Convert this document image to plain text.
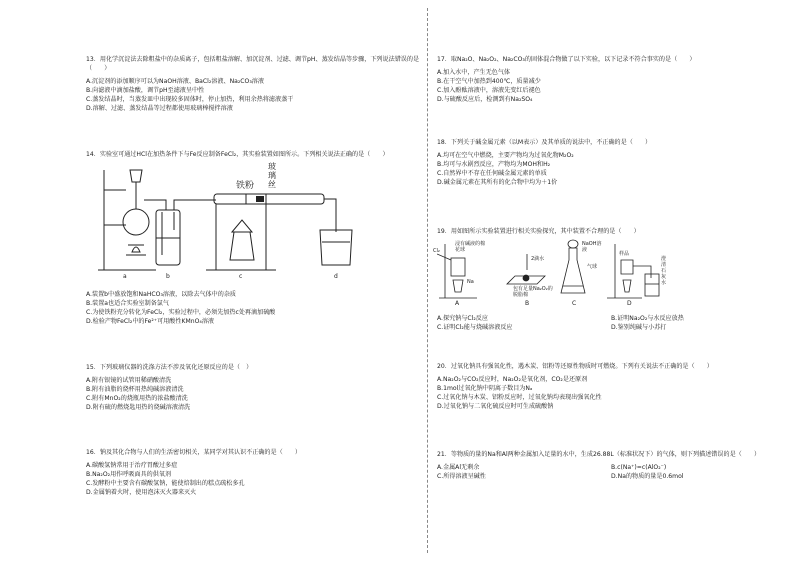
13．用化学沉淀法去除粗盐中的杂质离子，包括粗盐溶解、加沉淀剂、过滤、调节pH、蒸发结晶等步骤，下列说法错误的是（　　）
A.沉淀剂的添加顺序可以为NaOH溶液、BaCl₂溶液、Na₂CO₃溶液
B.向滤液中滴加盐酸，调节pH至滤液呈中性
C.蒸发结晶时，当蒸发皿中出现较多固体时，停止加热，利用余热将滤液蒸干
D.溶解、过滤、蒸发结晶等过程都使用玻璃棒搅拌溶液
14．实验室可通过HCl在加热条件下与Fe反应制备FeCl₂，其实验装置如图所示。下列相关说法正确的是（　　）
a	b	c	d
铁粉
玻璃丝
A.装置b中盛放饱和NaHCO₃溶液，以除去气体中的杂质
B.装置a也适合实验室制备氯气
C.为使铁粉充分转化为FeCl₂，实验过程中，必须先加热c处再滴加硫酸
D.检验产物FeCl₂中的Fe²⁺可用酸性KMnO₄溶液
15．下列玻璃仪器的洗涤方法不涉及氧化还原反应的是（　）
A.附有银镜的试管用稀硝酸清洗
B.附有油脂的烧杯用热纯碱溶液清洗
C.附有MnO₂的烧瓶用热的浓盐酸清洗
D.附有硫的燃烧匙用热的烧碱溶液清洗
16．钠及其化合物与人们的生活密切相关，某同学对其认识不正确的是（　　）
A.碳酸氢钠常用于治疗胃酸过多症
B.Na₂O₂用作呼吸面具的供氧剂
C.发酵粉中主要含有碳酸氢钠，能使焙制出的糕点疏松多孔
D.金属钠着火时，使用泡沫灭火器来灭火
17．取Na₂O、Na₂O₂、Na₂CO₃的固体混合物做了以下实验，以下记录不符合事实的是（　　）
A.加入水中，产生无色气体
B.在干空气中加热到400℃，质量减少
C.加入酚酞溶液中，溶液先变红后褪色
D.与硫酸反应后，检测到有Na₂SO₄
18．下列关于碱金属元素（以M表示）及其单质的说法中，不正确的是（　　）
A.均可在空气中燃烧，主要产物均为过氧化物M₂O₂
B.均可与水剧烈反应，产物均为MOH和H₂
C.自然界中不存在任何碱金属元素的单质
D.碱金属元素在其所有的化合物中均为＋1价
19．用如图所示实验装置进行相关实验探究，其中装置不合理的是（　　）
A	B	C	D
浸有碱液的棉花球
Cl₂
Na
2滴水
包有足量Na₂O₂的脱脂棉
NaOH溶液
气球
样品
澄清石灰水
A.探究钠与Cl₂反应	B.证明Na₂O₂与水反应放热
C.证明Cl₂能与烧碱溶液反应	D.鉴别纯碱与小苏打
20．过氧化钠具有强氧化性，遇木炭、铝粉等还原性物质时可燃烧。下列有关说法不正确的是（　　）
A.Na₂O₂与CO₂反应时，Na₂O₂是氧化剂，CO₂是还原剂
B.1mol过氧化钠中阴离子数目为Nₐ
C.过氧化钠与木炭、铝粉反应时，过氧化钠均表现出强氧化性
D.过氧化钠与二氧化硫反应时可生成硫酸钠
21．等物质的量的Na和Al两种金属加入足量的水中，生成26.88L（标准状况下）的气体，则下列描述错误的是（　　）
A.金属Al无剩余	B.c(Na⁺)=c(AlO₂⁻)
C.所得溶液呈碱性	D.Na的物质的量是0.6mol
